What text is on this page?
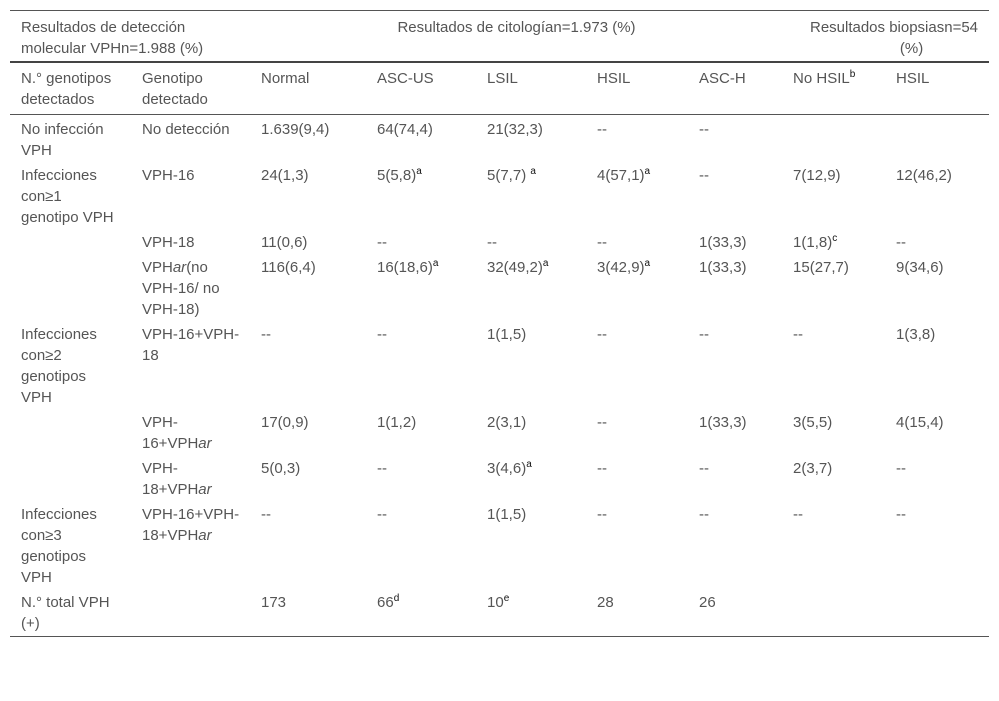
Resultados de detección molecular VPHn=1.988 (%)		Resultados de citologían=1.973 (%)					Resultados biopsiasn=54
(%)	

N.° genotipos detectados	Genotipo detectado	Normal	ASC-US	LSIL	HSIL	ASC-H	No HSIL$^b$	HSIL
No infección VPH	No detección	1.639(9,4)	64(74,4)	21(32,3)	--	--		
Infecciones con≥1 genotipo VPH	VPH-16	24(1,3)	$5(5,8)^a$	5(7,7) $^a$	$4(57,1)^a$	--	7(12,9)	12(46,2)
	VPH-18	11(0,6)	--	--	--	1(33,3)	$1(1,8)^c$	--
	VPHar(no VPH-16/ no VPH-18)	116(6,4)	$16(18,6)^a$	$32(49,2)^a$	$3(42,9)^a$	1(33,3)	15(27,7)	9(34,6)
Infecciones con≥2 genotipos VPH	VPH-16+VPH-18	--	--	1(1,5)	--	--	--	1(3,8)
	VPH-16+VPHar	17(0,9)	1(1,2)	2(3,1)	--	1(33,3)	3(5,5)	4(15,4)
	VPH-18+VPHar	5(0,3)	--	$3(4,6)^a$	--	--	2(3,7)	--
Infecciones con≥3 genotipos VPH	VPH-16+VPH-18+VPHar	--	--	1(1,5)	--	--	--	--
N.° total VPH (+)		173	66$^d$	10e	28	26		
